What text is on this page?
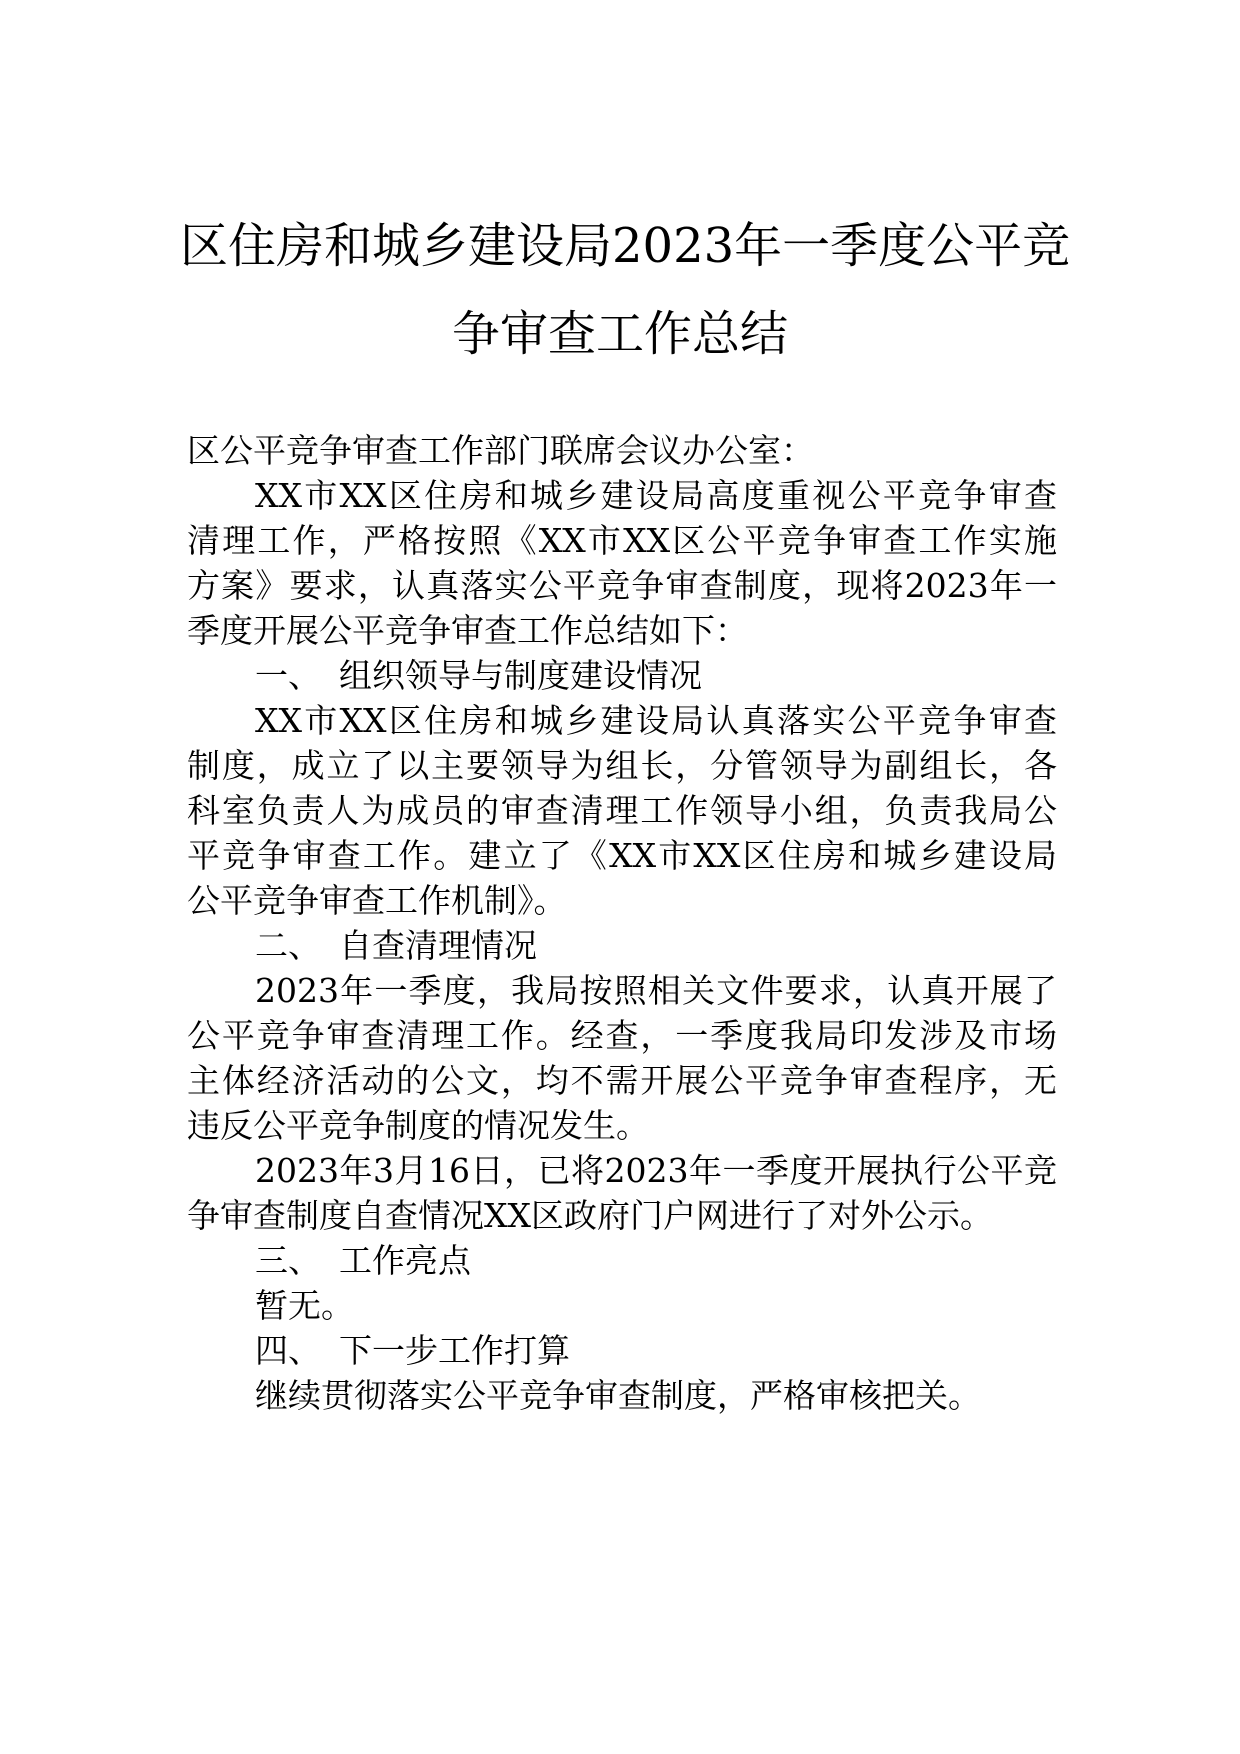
区住房和城乡建设局2023年一季度公平竞
争审查工作总结
区公平竞争审查工作部门联席会议办公室：
XX市XX区住房和城乡建设局高度重视公平竞争审查
清理工作，严格按照《XX市XX区公平竞争审查工作实施
方案》要求，认真落实公平竞争审查制度，现将2023年一
季度开展公平竞争审查工作总结如下：
一、 组织领导与制度建设情况
XX市XX区住房和城乡建设局认真落实公平竞争审查
制度，成立了以主要领导为组长，分管领导为副组长，各
科室负责人为成员的审查清理工作领导小组，负责我局公
平竞争审查工作。建立了《XX市XX区住房和城乡建设局
公平竞争审查工作机制》。
二、 自查清理情况
2023年一季度，我局按照相关文件要求，认真开展了
公平竞争审查清理工作。经查，一季度我局印发涉及市场
主体经济活动的公文，均不需开展公平竞争审查程序，无
违反公平竞争制度的情况发生。
2023年3月16日，已将2023年一季度开展执行公平竞
争审查制度自查情况XX区政府门户网进行了对外公示。
三、 工作亮点
暂无。
四、 下一步工作打算
继续贯彻落实公平竞争审查制度，严格审核把关。
